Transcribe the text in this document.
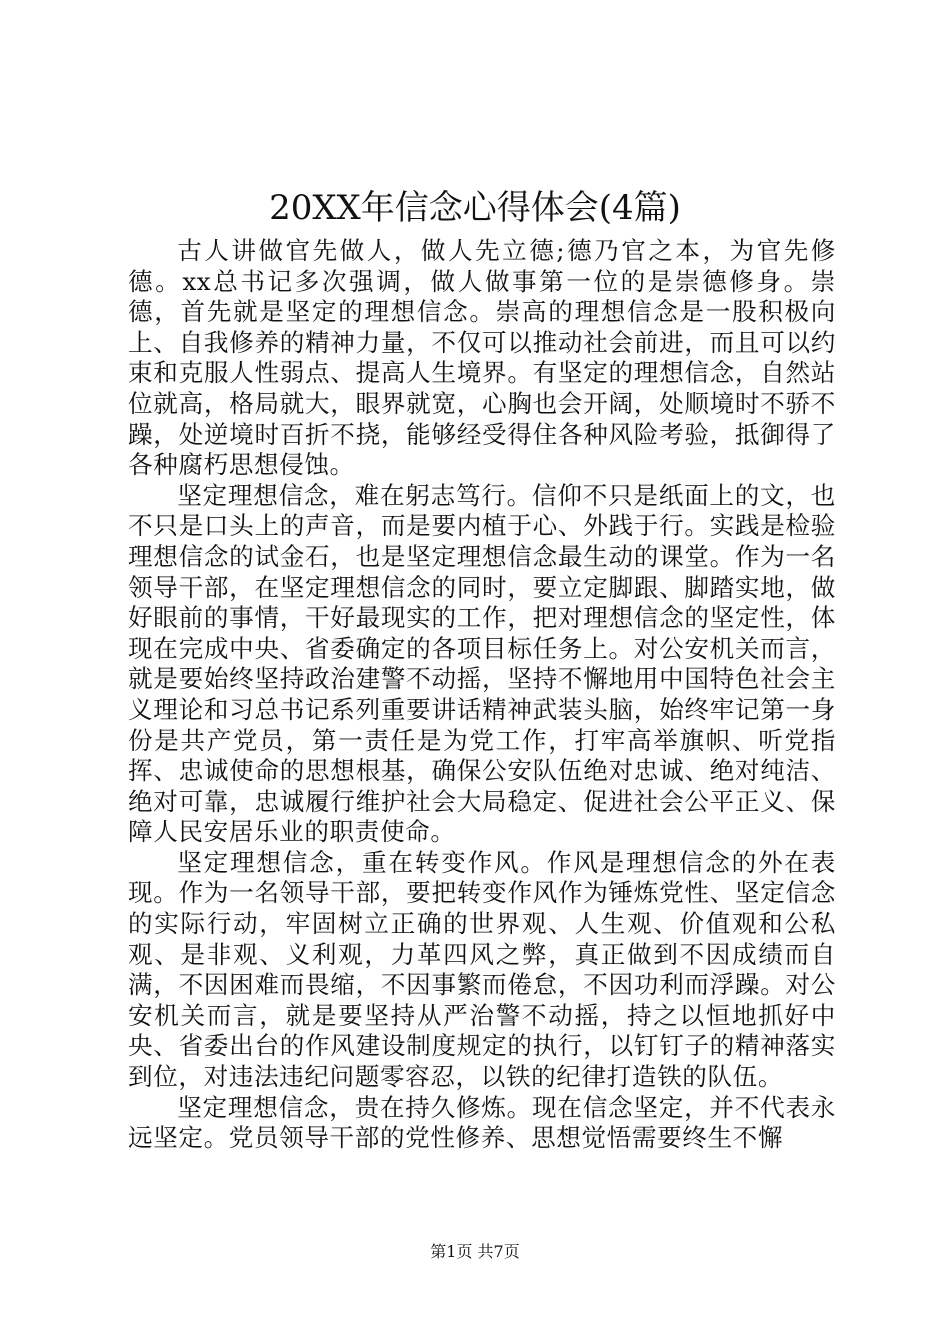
20XX年信念心得体会(4篇)

古人讲做官先做人，做人先立德;德乃官之本，为官先修德。xx总书记多次强调，做人做事第一位的是崇德修身。崇德，首先就是坚定的理想信念。崇高的理想信念是一股积极向上、自我修养的精神力量，不仅可以推动社会前进，而且可以约束和克服人性弱点、提高人生境界。有坚定的理想信念，自然站位就高，格局就大，眼界就宽，心胸也会开阔，处顺境时不骄不躁，处逆境时百折不挠，能够经受得住各种风险考验，抵御得了各种腐朽思想侵蚀。

坚定理想信念，难在躬志笃行。信仰不只是纸面上的文，也不只是口头上的声音，而是要内植于心、外践于行。实践是检验理想信念的试金石，也是坚定理想信念最生动的课堂。作为一名领导干部，在坚定理想信念的同时，要立定脚跟、脚踏实地，做好眼前的事情，干好最现实的工作，把对理想信念的坚定性，体现在完成中央、省委确定的各项目标任务上。对公安机关而言，就是要始终坚持政治建警不动摇，坚持不懈地用中国特色社会主义理论和习总书记系列重要讲话精神武装头脑，始终牢记第一身份是共产党员，第一责任是为党工作，打牢高举旗帜、听党指挥、忠诚使命的思想根基，确保公安队伍绝对忠诚、绝对纯洁、绝对可靠，忠诚履行维护社会大局稳定、促进社会公平正义、保障人民安居乐业的职责使命。

坚定理想信念，重在转变作风。作风是理想信念的外在表现。作为一名领导干部，要把转变作风作为锤炼党性、坚定信念的实际行动，牢固树立正确的世界观、人生观、价值观和公私观、是非观、义利观，力革四风之弊，真正做到不因成绩而自满，不因困难而畏缩，不因事繁而倦怠，不因功利而浮躁。对公安机关而言，就是要坚持从严治警不动摇，持之以恒地抓好中央、省委出台的作风建设制度规定的执行，以钉钉子的精神落实到位，对违法违纪问题零容忍，以铁的纪律打造铁的队伍。

坚定理想信念，贵在持久修炼。现在信念坚定，并不代表永远坚定。党员领导干部的党性修养、思想觉悟需要终生不懈

第1页 共7页
